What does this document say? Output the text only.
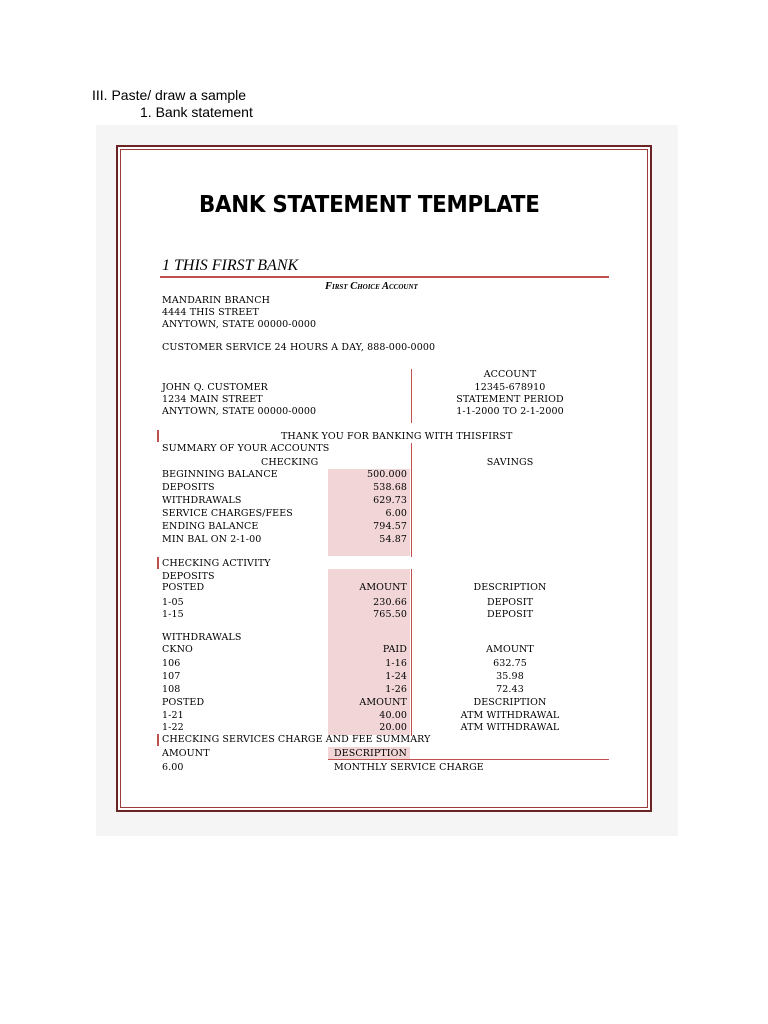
III. Paste/ draw a sample
1. Bank statement
BANK STATEMENT TEMPLATE
1 THIS FIRST BANK
First Choice Account
MANDARIN BRANCH
4444 THIS STREET
ANYTOWN, STATE 00000-0000
CUSTOMER SERVICE 24 HOURS A DAY, 888-000-0000
JOHN Q. CUSTOMER
1234 MAIN STREET
ANYTOWN, STATE 00000-0000
ACCOUNT
12345-678910
STATEMENT PERIOD
1-1-2000 TO 2-1-2000
THANK YOU FOR BANKING WITH THISFIRST
SUMMARY OF YOUR ACCOUNTS
CHECKING	SAVINGS
BEGINNING BALANCE	500.000
DEPOSITS	538.68
WITHDRAWALS	629.73
SERVICE CHARGES/FEES	6.00
ENDING BALANCE	794.57
MIN BAL ON 2-1-00	54.87
CHECKING ACTIVITY
DEPOSITS
POSTED	AMOUNT	DESCRIPTION
1-05	230.66	DEPOSIT
1-15	765.50	DEPOSIT
WITHDRAWALS
CKNO	PAID	AMOUNT
106	1-16	632.75
107	1-24	35.98
108	1-26	72.43
POSTED	AMOUNT	DESCRIPTION
1-21	40.00	ATM WITHDRAWAL
1-22	20.00	ATM WITHDRAWAL
CHECKING SERVICES CHARGE AND FEE SUMMARY
AMOUNT	DESCRIPTION
6.00	MONTHLY SERVICE CHARGE
